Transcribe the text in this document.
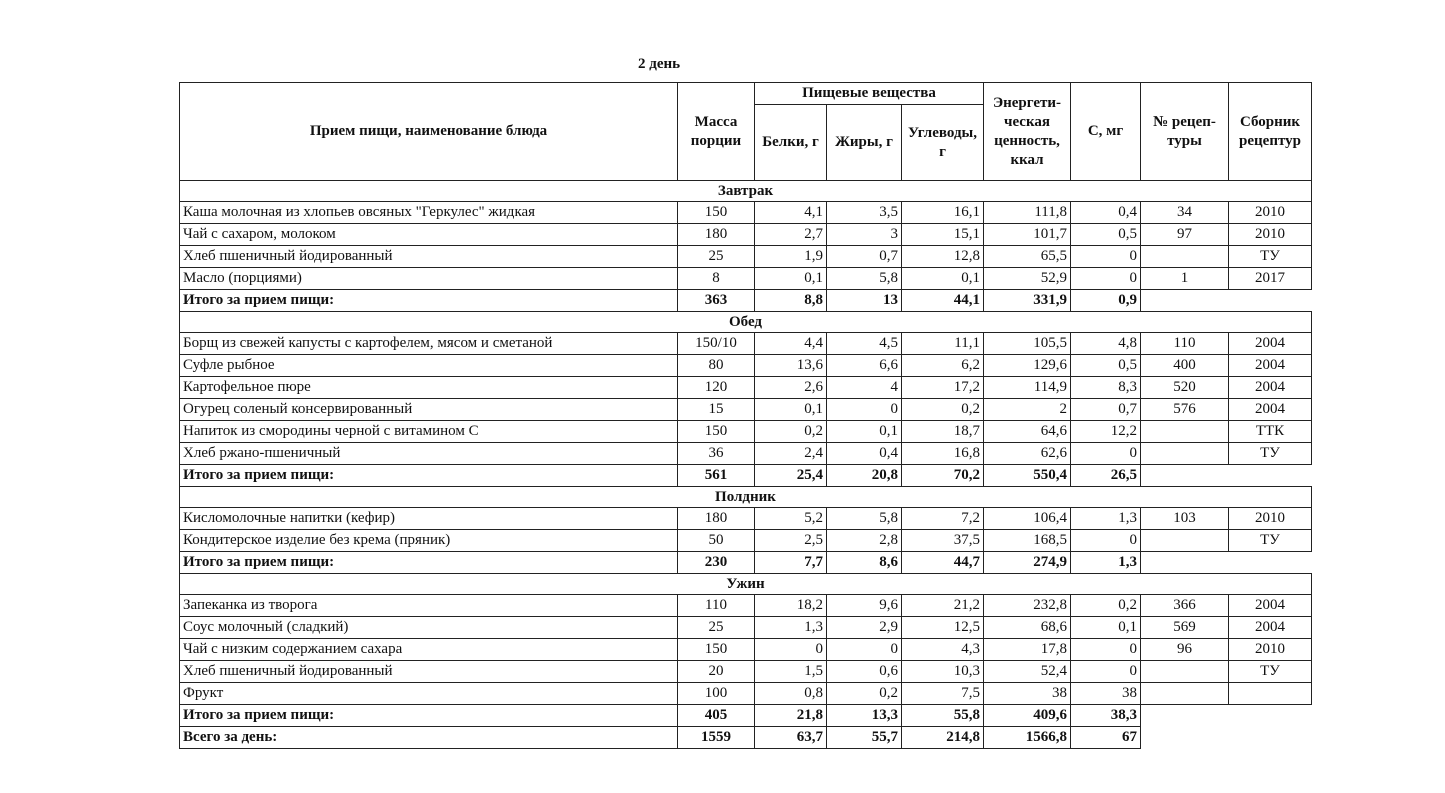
2 день
Прием пищи, наименование блюда	Масса порции	Пищевые вещества			Энергети-ческая ценность, ккал	С, мг	№ рецеп-туры	Сборник рецептур
		Белки, г	Жиры, г	Углеводы, г				
Завтрак								
Каша молочная из хлопьев овсяных "Геркулес" жидкая	150	4,1	3,5	16,1	111,8	0,4	34	2010
Чай с сахаром, молоком	180	2,7	3	15,1	101,7	0,5	97	2010
Хлеб пшеничный йодированный	25	1,9	0,7	12,8	65,5	0		ТУ
Масло (порциями)	8	0,1	5,8	0,1	52,9	0	1	2017
Итого за прием пищи:	363	8,8	13	44,1	331,9	0,9		
Обед								
Борщ из свежей капусты с картофелем, мясом и сметаной	150/10	4,4	4,5	11,1	105,5	4,8	110	2004
Суфле рыбное	80	13,6	6,6	6,2	129,6	0,5	400	2004
Картофельное пюре	120	2,6	4	17,2	114,9	8,3	520	2004
Огурец соленый консервированный	15	0,1	0	0,2	2	0,7	576	2004
Напиток из смородины черной с витамином С	150	0,2	0,1	18,7	64,6	12,2		ТТК
Хлеб ржано-пшеничный	36	2,4	0,4	16,8	62,6	0		ТУ
Итого за прием пищи:	561	25,4	20,8	70,2	550,4	26,5		
Полдник								
Кисломолочные напитки (кефир)	180	5,2	5,8	7,2	106,4	1,3	103	2010
Кондитерское изделие без крема (пряник)	50	2,5	2,8	37,5	168,5	0		ТУ
Итого за прием пищи:	230	7,7	8,6	44,7	274,9	1,3		
Ужин								
Запеканка из творога	110	18,2	9,6	21,2	232,8	0,2	366	2004
Соус молочный (сладкий)	25	1,3	2,9	12,5	68,6	0,1	569	2004
Чай с низким содержанием сахара	150	0	0	4,3	17,8	0	96	2010
Хлеб пшеничный йодированный	20	1,5	0,6	10,3	52,4	0		ТУ
Фрукт	100	0,8	0,2	7,5	38	38		
Итого за прием пищи:	405	21,8	13,3	55,8	409,6	38,3		
Всего за день:	1559	63,7	55,7	214,8	1566,8	67		
